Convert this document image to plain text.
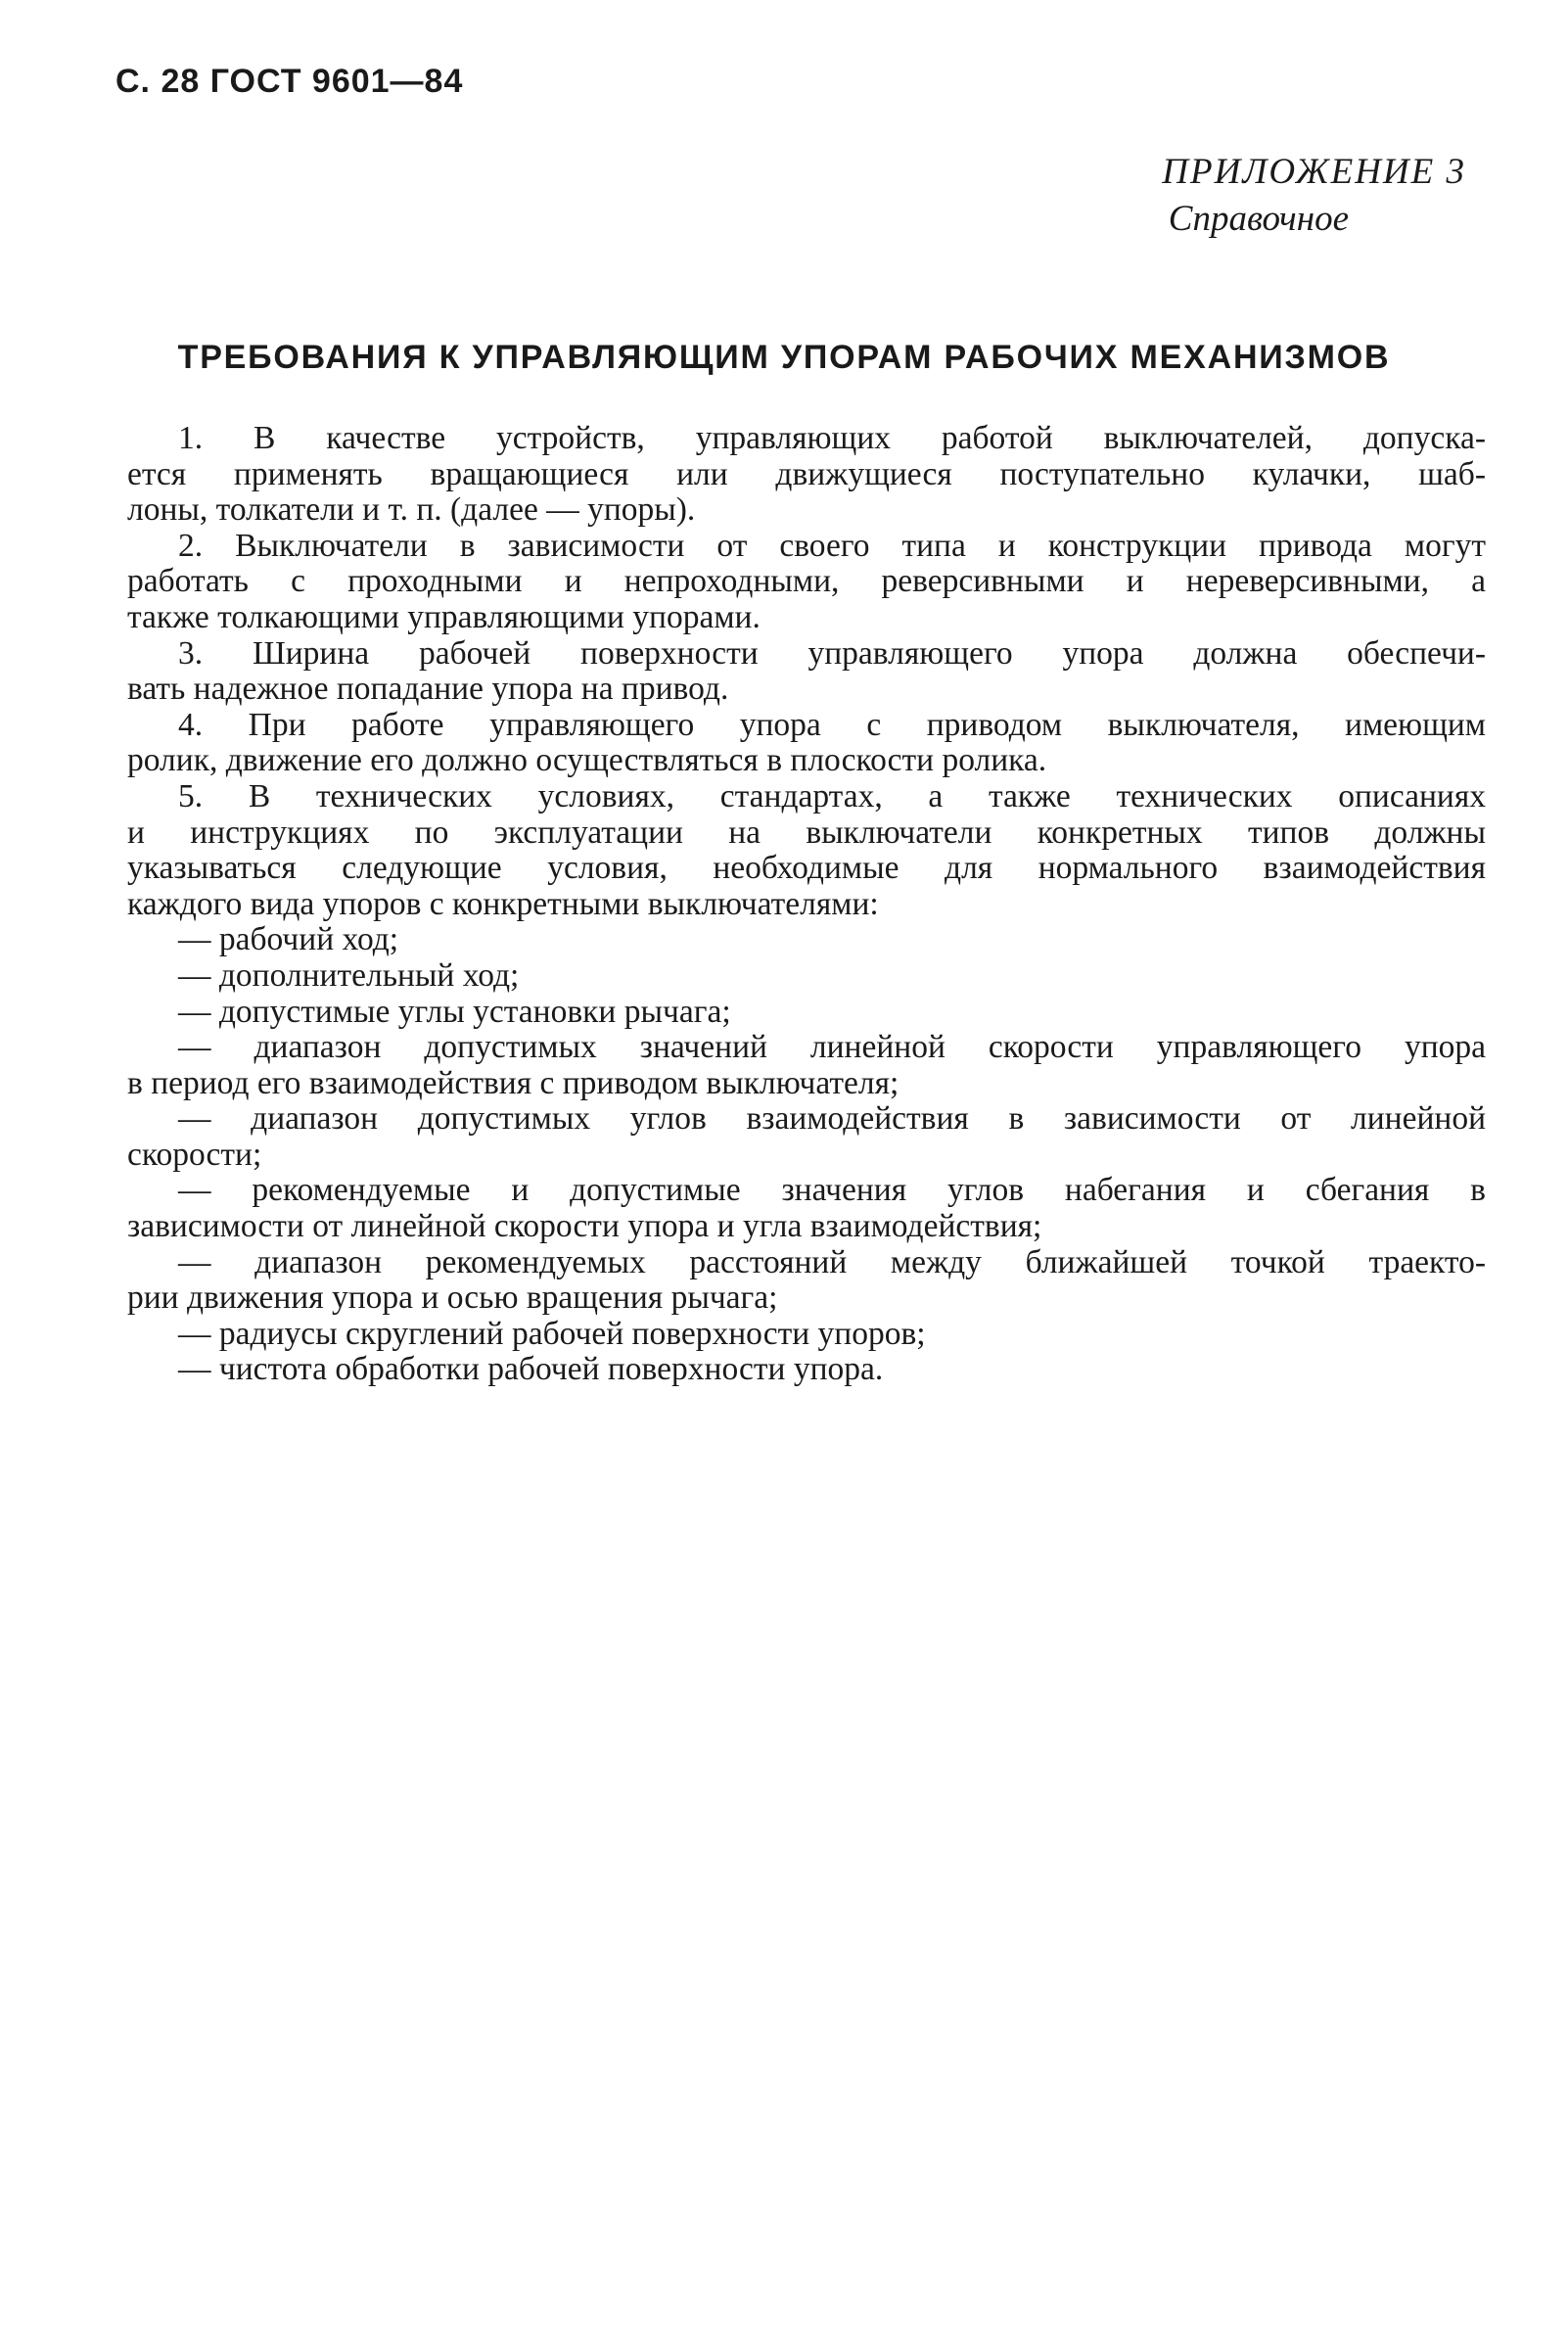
С. 28 ГОСТ 9601—84
ПРИЛОЖЕНИЕ 3
Справочное
ТРЕБОВАНИЯ К УПРАВЛЯЮЩИМ УПОРАМ РАБОЧИХ МЕХАНИЗМОВ
1. В качестве устройств, управляющих работой выключателей, допуска-
ется применять вращающиеся или движущиеся поступательно кулачки, шаб-
лоны, толкатели и т. п. (далее — упоры).
2. Выключатели в зависимости от своего типа и конструкции привода могут
работать с проходными и непроходными, реверсивными и нереверсивными, а
также толкающими управляющими упорами.
3. Ширина рабочей поверхности управляющего упора должна обеспечи-
вать надежное попадание упора на привод.
4. При работе управляющего упора с приводом выключателя, имеющим
ролик, движение его должно осуществляться в плоскости ролика.
5. В технических условиях, стандартах, а также технических описаниях
и инструкциях по эксплуатации на выключатели конкретных типов должны
указываться следующие условия, необходимые для нормального взаимодействия
каждого вида упоров с конкретными выключателями:
— рабочий ход;
— дополнительный ход;
— допустимые углы установки рычага;
— диапазон допустимых значений линейной скорости управляющего упора
в период его взаимодействия с приводом выключателя;
— диапазон допустимых углов взаимодействия в зависимости от линейной
скорости;
— рекомендуемые и допустимые значения углов набегания и сбегания в
зависимости от линейной скорости упора и угла взаимодействия;
— диапазон рекомендуемых расстояний между ближайшей точкой траекто-
рии движения упора и осью вращения рычага;
— радиусы скруглений рабочей поверхности упоров;
— чистота обработки рабочей поверхности упора.
